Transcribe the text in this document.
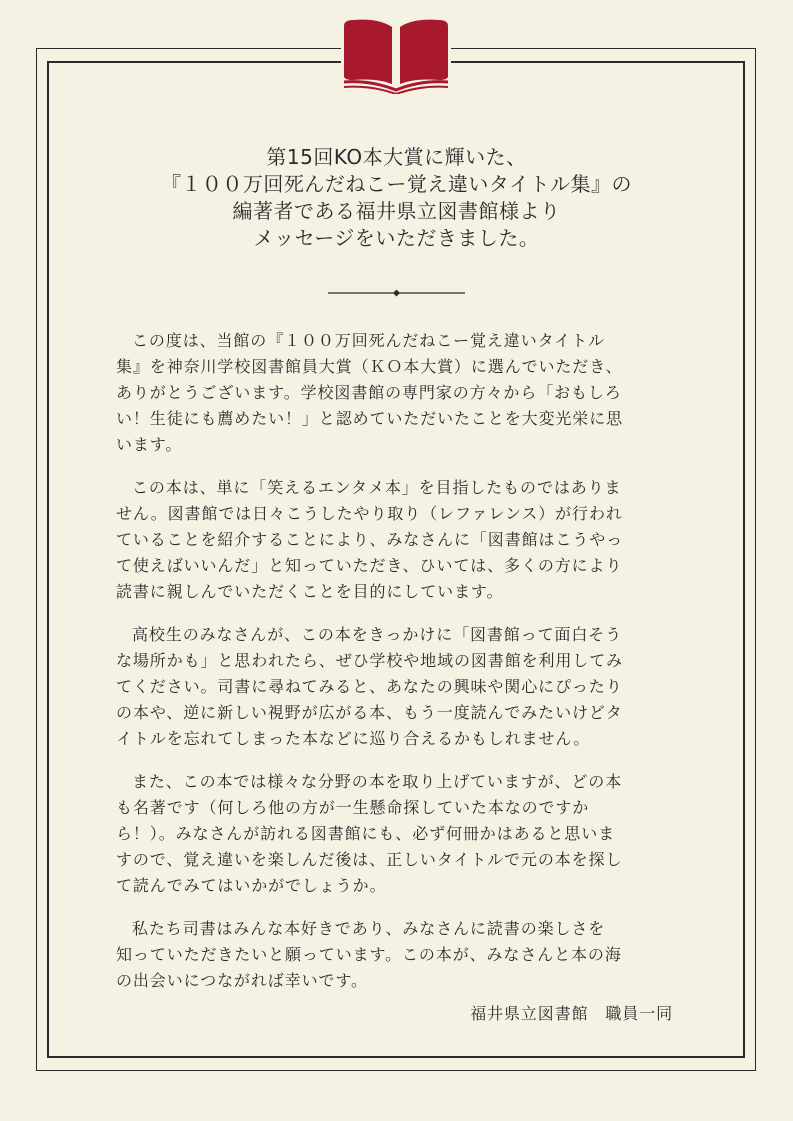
第15回KO本大賞に輝いた、
『１００万回死んだねこー覚え違いタイトル集』の
編著者である福井県立図書館様より
メッセージをいただきました。

この度は、当館の『１００万回死んだねこー覚え違いタイトル
集』を神奈川学校図書館員大賞（ＫＯ本大賞）に選んでいただき、
ありがとうございます。学校図書館の専門家の方々から「おもしろ
い！生徒にも薦めたい！」と認めていただいたことを大変光栄に思
います。

この本は、単に「笑えるエンタメ本」を目指したものではありま
せん。図書館では日々こうしたやり取り（レファレンス）が行われ
ていることを紹介することにより、みなさんに「図書館はこうやっ
て使えばいいんだ」と知っていただき、ひいては、多くの方により
読書に親しんでいただくことを目的にしています。

高校生のみなさんが、この本をきっかけに「図書館って面白そう
な場所かも」と思われたら、ぜひ学校や地域の図書館を利用してみ
てください。司書に尋ねてみると、あなたの興味や関心にぴったり
の本や、逆に新しい視野が広がる本、もう一度読んでみたいけどタ
イトルを忘れてしまった本などに巡り合えるかもしれません。

また、この本では様々な分野の本を取り上げていますが、どの本
も名著です（何しろ他の方が一生懸命探していた本なのですか
ら！）。みなさんが訪れる図書館にも、必ず何冊かはあると思いま
すので、覚え違いを楽しんだ後は、正しいタイトルで元の本を探し
て読んでみてはいかがでしょうか。

私たち司書はみんな本好きであり、みなさんに読書の楽しさを
知っていただきたいと願っています。この本が、みなさんと本の海
の出会いにつながれば幸いです。

福井県立図書館　職員一同
